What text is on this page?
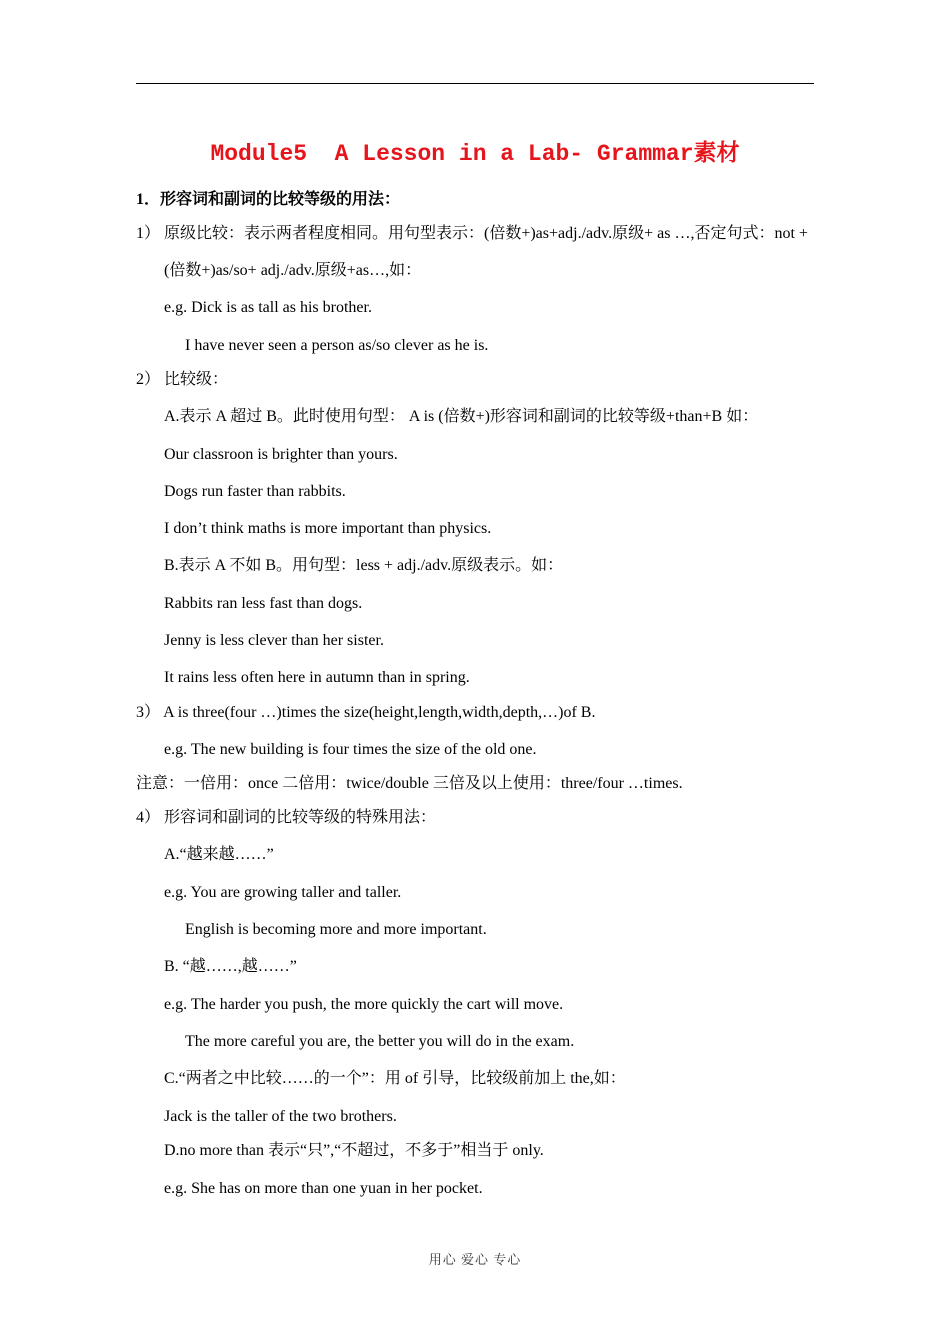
Module5  A Lesson in a Lab- Grammar素材
1．形容词和副词的比较等级的用法：
1） 原级比较：表示两者程度相同。用句型表示：(倍数+)as+adj./adv.原级+ as …,否定句式：not +
(倍数+)as/so+ adj./adv.原级+as…,如：
e.g. Dick is as tall as his brother.
I have never seen a person as/so clever as he is.
2） 比较级：
A.表示 A 超过 B。此时使用句型： A is (倍数+)形容词和副词的比较等级+than+B 如：
Our classroon is brighter than yours.
Dogs run faster than rabbits.
I don’t think maths is more important than physics.
B.表示 A 不如 B。用句型：less + adj./adv.原级表示。如：
Rabbits ran less fast than dogs.
Jenny is less clever than her sister.
It rains less often here in autumn than in spring.
3） A is three(four …)times the size(height,length,width,depth,…)of B.
e.g. The new building is four times the size of the old one.
注意：一倍用：once 二倍用：twice/double 三倍及以上使用：three/four …times.
4） 形容词和副词的比较等级的特殊用法：
A.“越来越……”
e.g. You are growing taller and taller.
English is becoming more and more important.
B. “越……,越……”
e.g. The harder you push, the more quickly the cart will move.
The more careful you are, the better you will do in the exam.
C.“两者之中比较……的一个”：用 of 引导，比较级前加上 the,如：
Jack is the taller of the two brothers.
D.no more than 表示“只”,“不超过，不多于”相当于 only.
e.g. She has on more than one yuan in her pocket.
用心 爱心 专心
